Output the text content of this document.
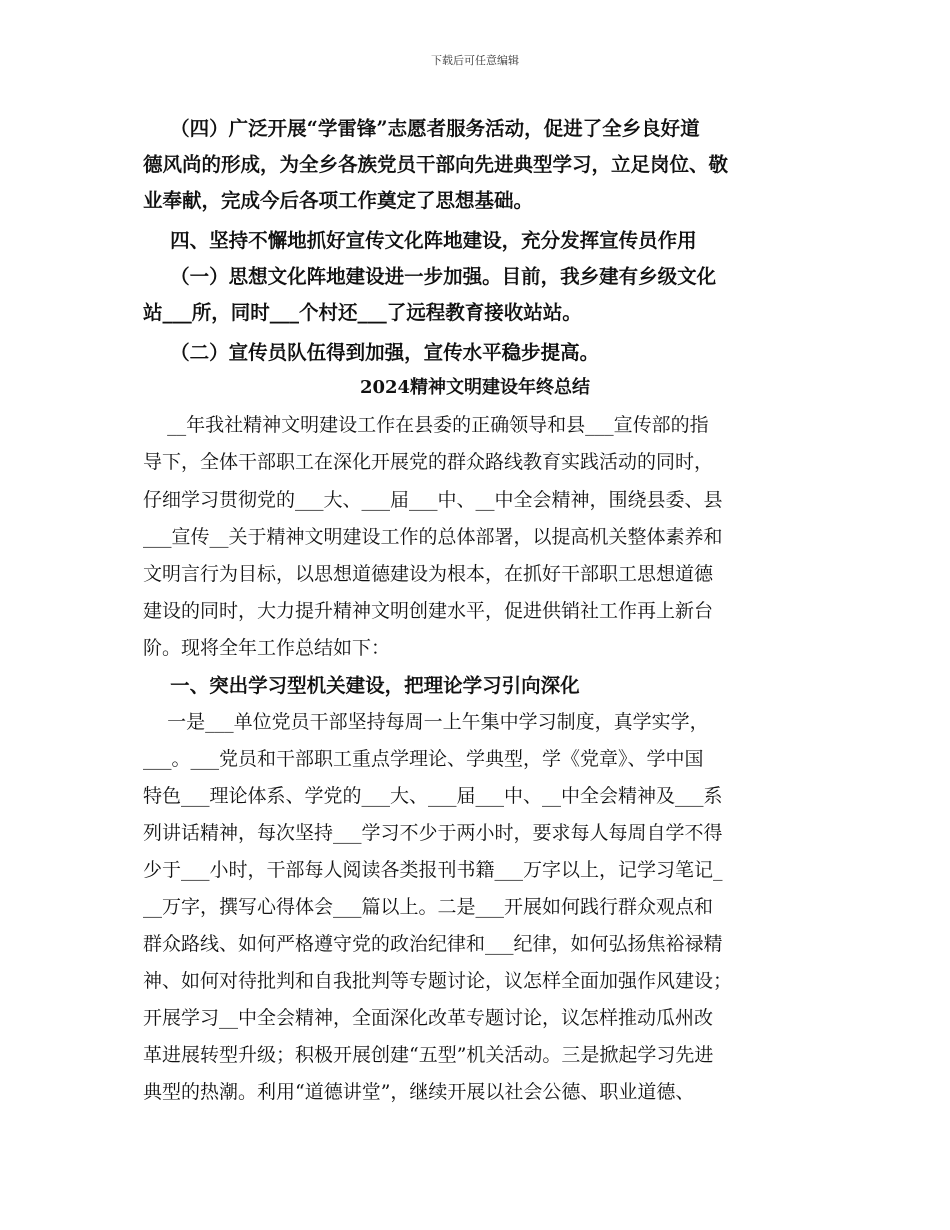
下载后可任意编辑
（四）广泛开展“学雷锋”志愿者服务活动，促进了全乡良好道
德风尚的形成，为全乡各族党员干部向先进典型学习，立足岗位、敬
业奉献，完成今后各项工作奠定了思想基础。
四、坚持不懈地抓好宣传文化阵地建设，充分发挥宣传员作用
（一）思想文化阵地建设进一步加强。目前，我乡建有乡级文化
站___所，同时___个村还___了远程教育接收站站。
（二）宣传员队伍得到加强，宣传水平稳步提高。
2024精神文明建设年终总结
__年我社精神文明建设工作在县委的正确领导和县___宣传部的指
导下，全体干部职工在深化开展党的群众路线教育实践活动的同时，
仔细学习贯彻党的___大、___届___中、__中全会精神，围绕县委、县
___宣传__关于精神文明建设工作的总体部署，以提高机关整体素养和
文明言行为目标，以思想道德建设为根本，在抓好干部职工思想道德
建设的同时，大力提升精神文明创建水平，促进供销社工作再上新台
阶。现将全年工作总结如下：
一、突出学习型机关建设，把理论学习引向深化
一是___单位党员干部坚持每周一上午集中学习制度，真学实学，
___。___党员和干部职工重点学理论、学典型，学《党章》、学中国
特色___理论体系、学党的___大、___届___中、__中全会精神及___系
列讲话精神，每次坚持___学习不少于两小时，要求每人每周自学不得
少于___小时，干部每人阅读各类报刊书籍___万字以上，记学习笔记_
__万字，撰写心得体会___篇以上。二是___开展如何践行群众观点和
群众路线、如何严格遵守党的政治纪律和___纪律，如何弘扬焦裕禄精
神、如何对待批判和自我批判等专题讨论，议怎样全面加强作风建设；
开展学习__中全会精神，全面深化改革专题讨论，议怎样推动瓜州改
革进展转型升级；积极开展创建“五型”机关活动。三是掀起学习先进
典型的热潮。利用“道德讲堂”，继续开展以社会公德、职业道德、
